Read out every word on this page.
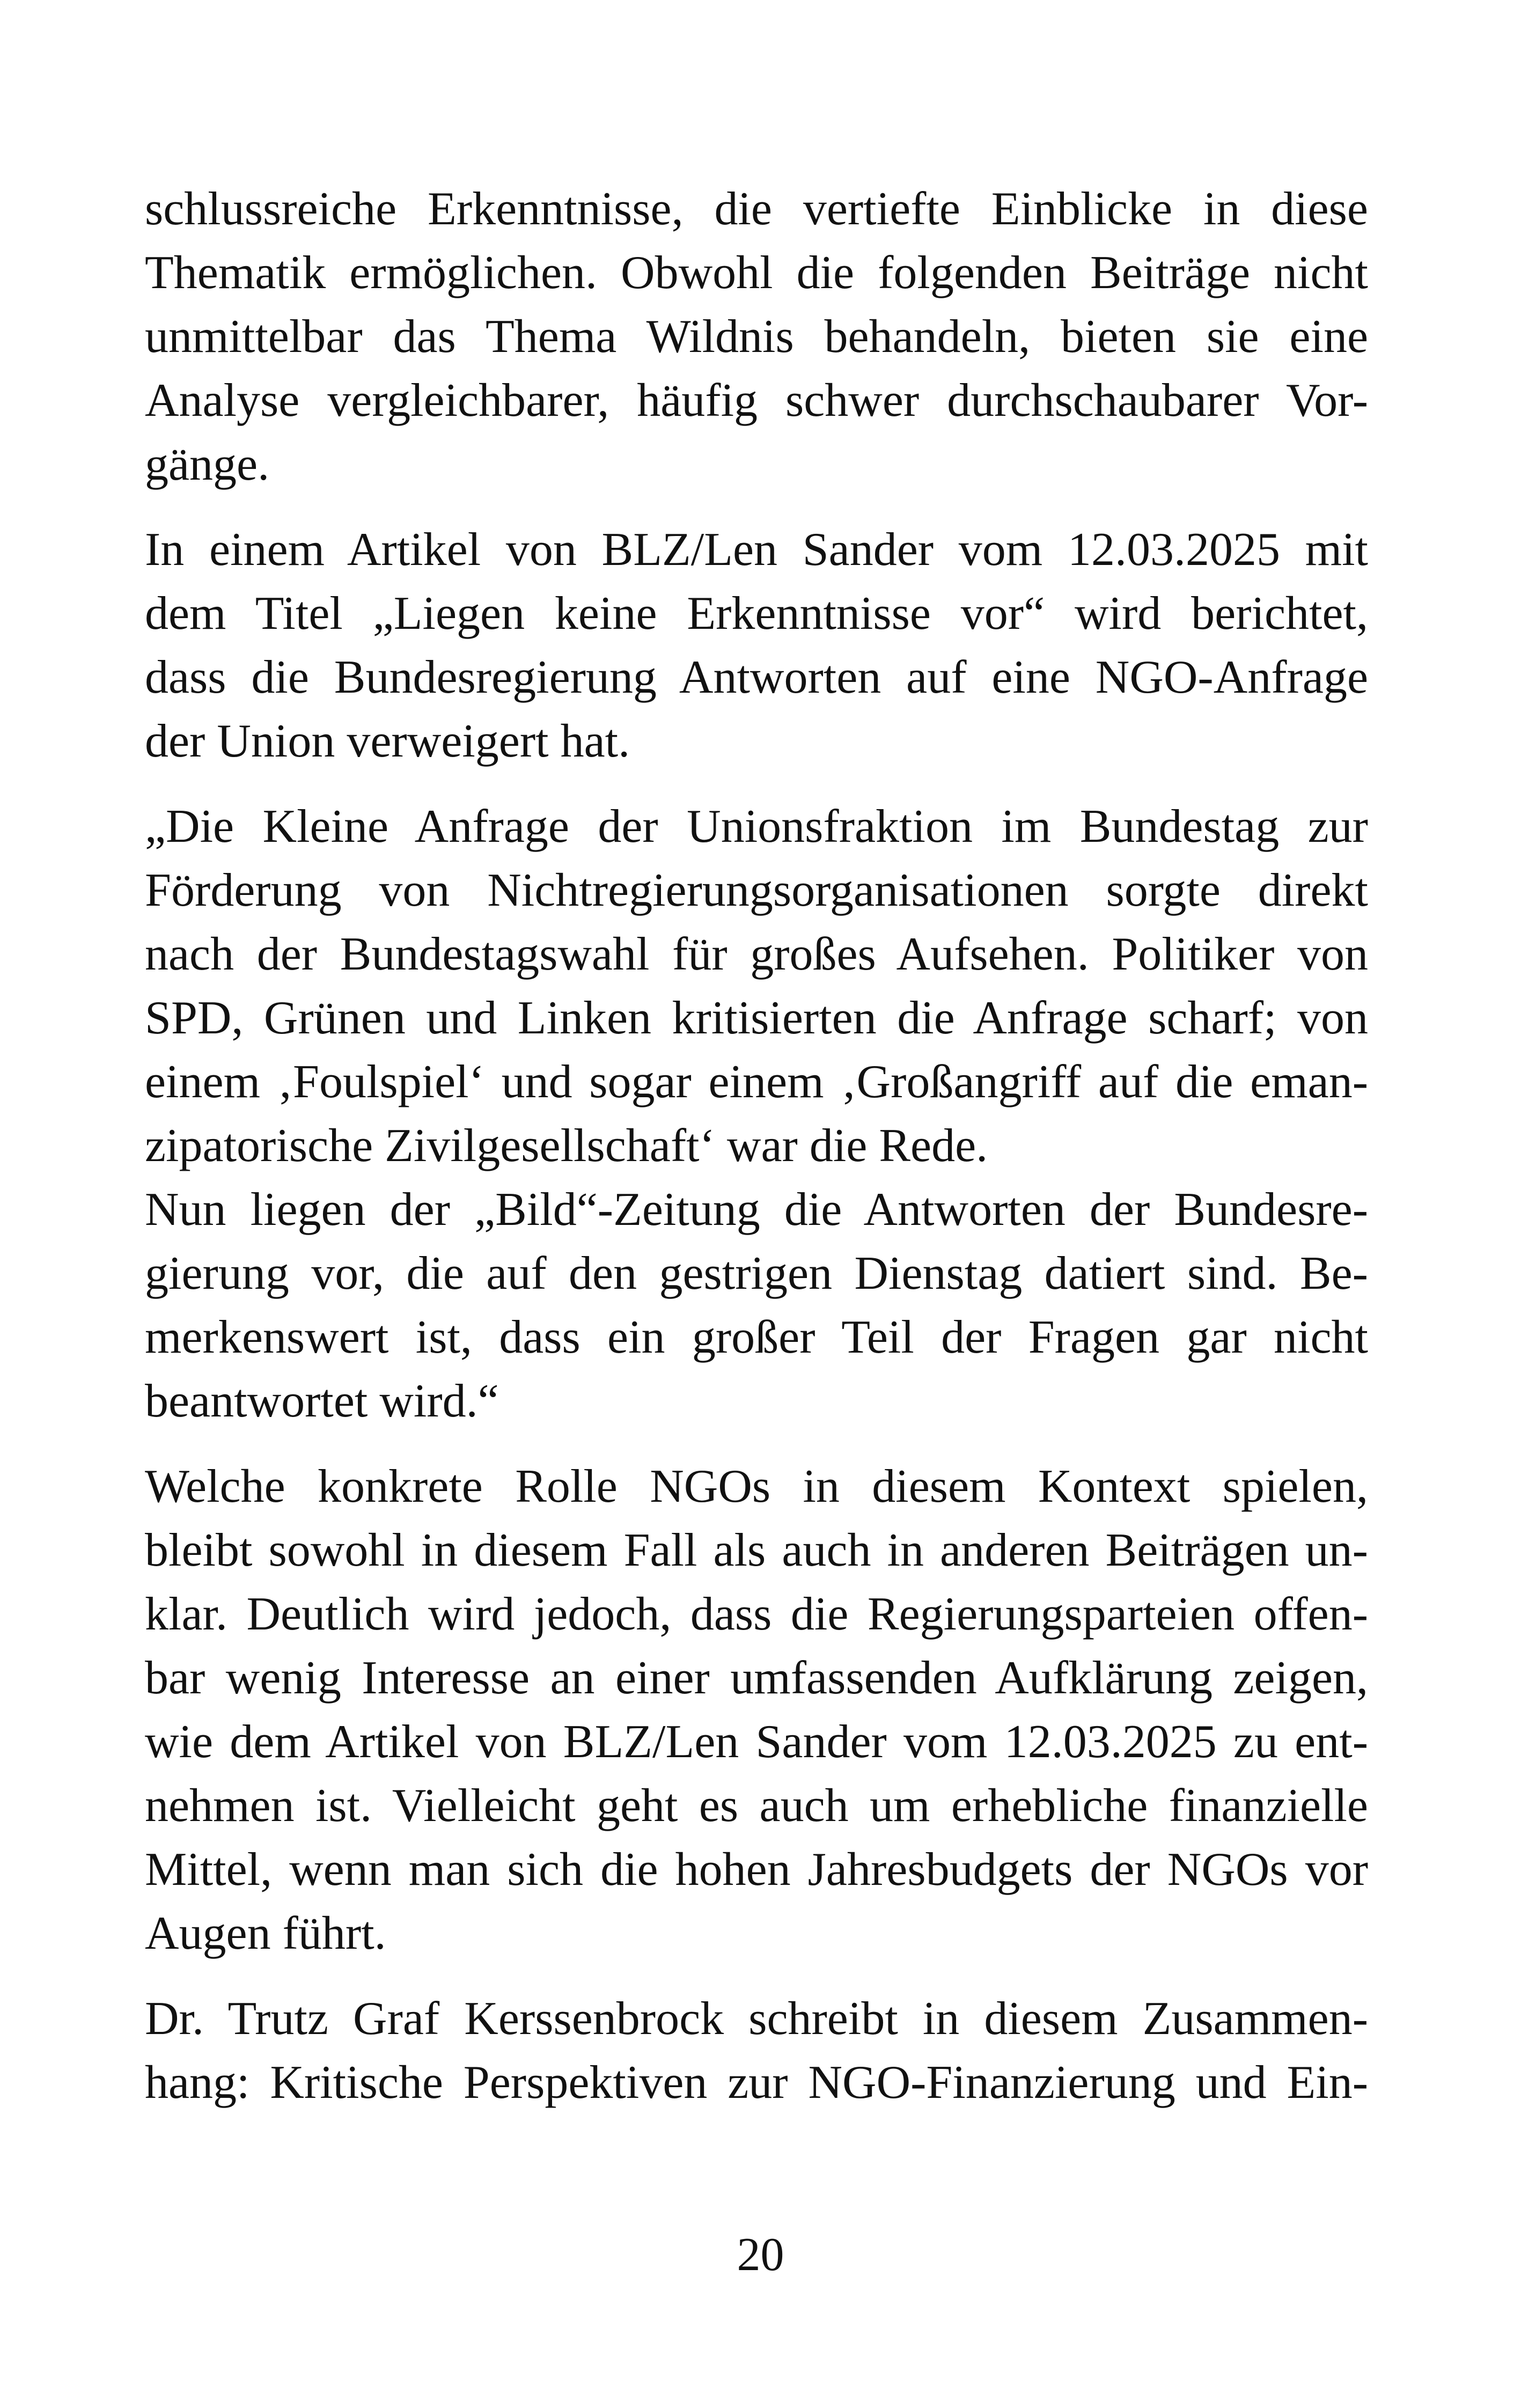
schlussreiche Erkenntnisse, die vertiefte Einblicke in diese
Thematik ermöglichen. Obwohl die folgenden Beiträge nicht
unmittelbar das Thema Wildnis behandeln, bieten sie eine
Analyse vergleichbarer, häufig schwer durchschaubarer Vor-
gänge.

In einem Artikel von BLZ/Len Sander vom 12.03.2025 mit
dem Titel „Liegen keine Erkenntnisse vor“ wird berichtet,
dass die Bundesregierung Antworten auf eine NGO-Anfrage
der Union verweigert hat.

„Die Kleine Anfrage der Unionsfraktion im Bundestag zur
Förderung von Nichtregierungsorganisationen sorgte direkt
nach der Bundestagswahl für großes Aufsehen. Politiker von
SPD, Grünen und Linken kritisierten die Anfrage scharf; von
einem ‚Foulspiel‘ und sogar einem ‚Großangriff auf die eman-
zipatorische Zivilgesellschaft‘ war die Rede.

Nun liegen der „Bild“-Zeitung die Antworten der Bundesre-
gierung vor, die auf den gestrigen Dienstag datiert sind. Be-
merkenswert ist, dass ein großer Teil der Fragen gar nicht
beantwortet wird.“

Welche konkrete Rolle NGOs in diesem Kontext spielen,
bleibt sowohl in diesem Fall als auch in anderen Beiträgen un-
klar. Deutlich wird jedoch, dass die Regierungsparteien offen-
bar wenig Interesse an einer umfassenden Aufklärung zeigen,
wie dem Artikel von BLZ/Len Sander vom 12.03.2025 zu ent-
nehmen ist. Vielleicht geht es auch um erhebliche finanzielle
Mittel, wenn man sich die hohen Jahresbudgets der NGOs vor
Augen führt.

Dr. Trutz Graf Kerssenbrock schreibt in diesem Zusammen-
hang: Kritische Perspektiven zur NGO-Finanzierung und Ein-

20
